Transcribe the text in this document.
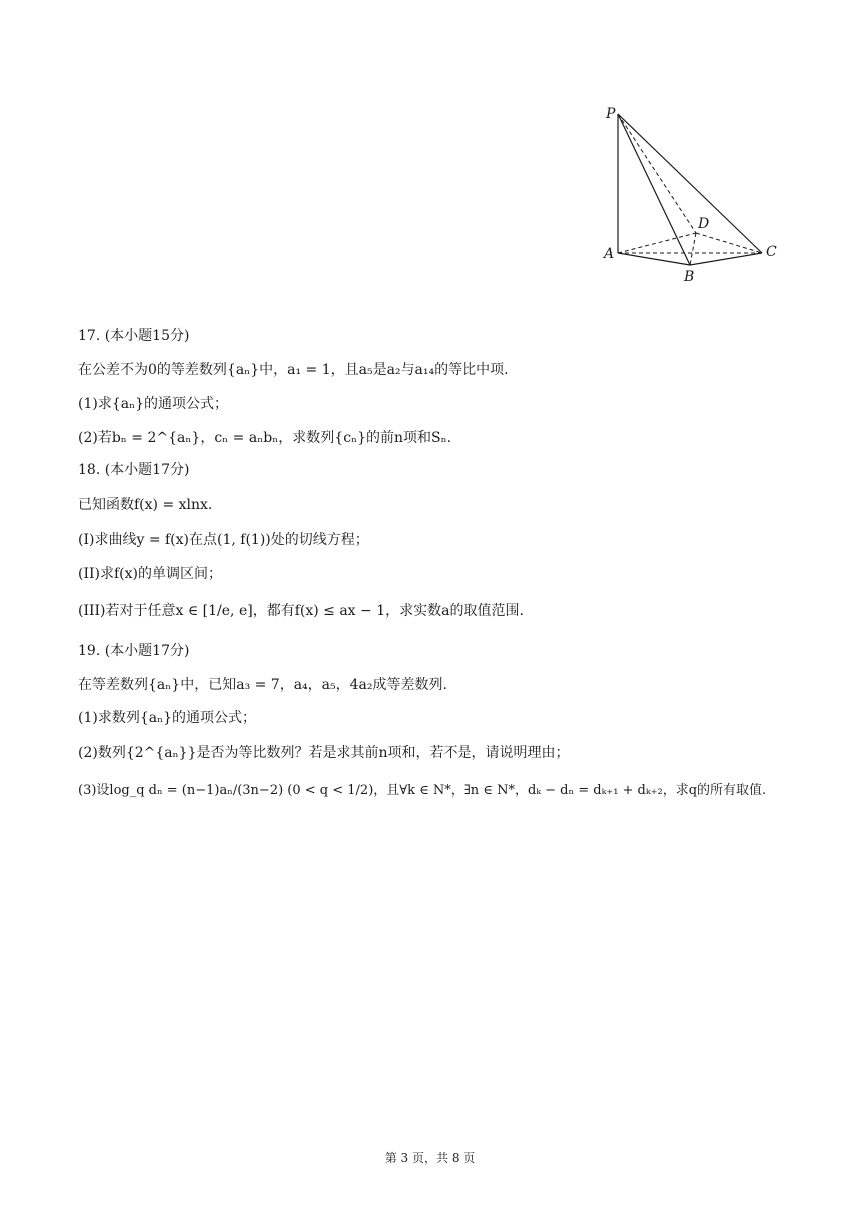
P
A
B
C
D
17. (本小题15分)
在公差不为0的等差数列{aₙ}中，a₁ = 1，且a₅是a₂与a₁₄的等比中项.
(1)求{aₙ}的通项公式；
(2)若bₙ = 2^{aₙ}，cₙ = aₙbₙ，求数列{cₙ}的前n项和Sₙ.
18. (本小题17分)
已知函数f(x) = xlnx.
(I)求曲线y = f(x)在点(1, f(1))处的切线方程；
(II)求f(x)的单调区间；
(III)若对于任意x ∈ [1/e, e]，都有f(x) ≤ ax − 1，求实数a的取值范围.
19. (本小题17分)
在等差数列{aₙ}中，已知a₃ = 7，a₄，a₅，4a₂成等差数列.
(1)求数列{aₙ}的通项公式；
(2)数列{2^{aₙ}}是否为等比数列？若是求其前n项和，若不是，请说明理由；
(3)设log_q dₙ = (n−1)aₙ/(3n−2) (0 < q < 1/2)，且∀k ∈ N*，∃n ∈ N*，dₖ − dₙ = dₖ₊₁ + dₖ₊₂，求q的所有取值.
第 3 页，共 8 页
